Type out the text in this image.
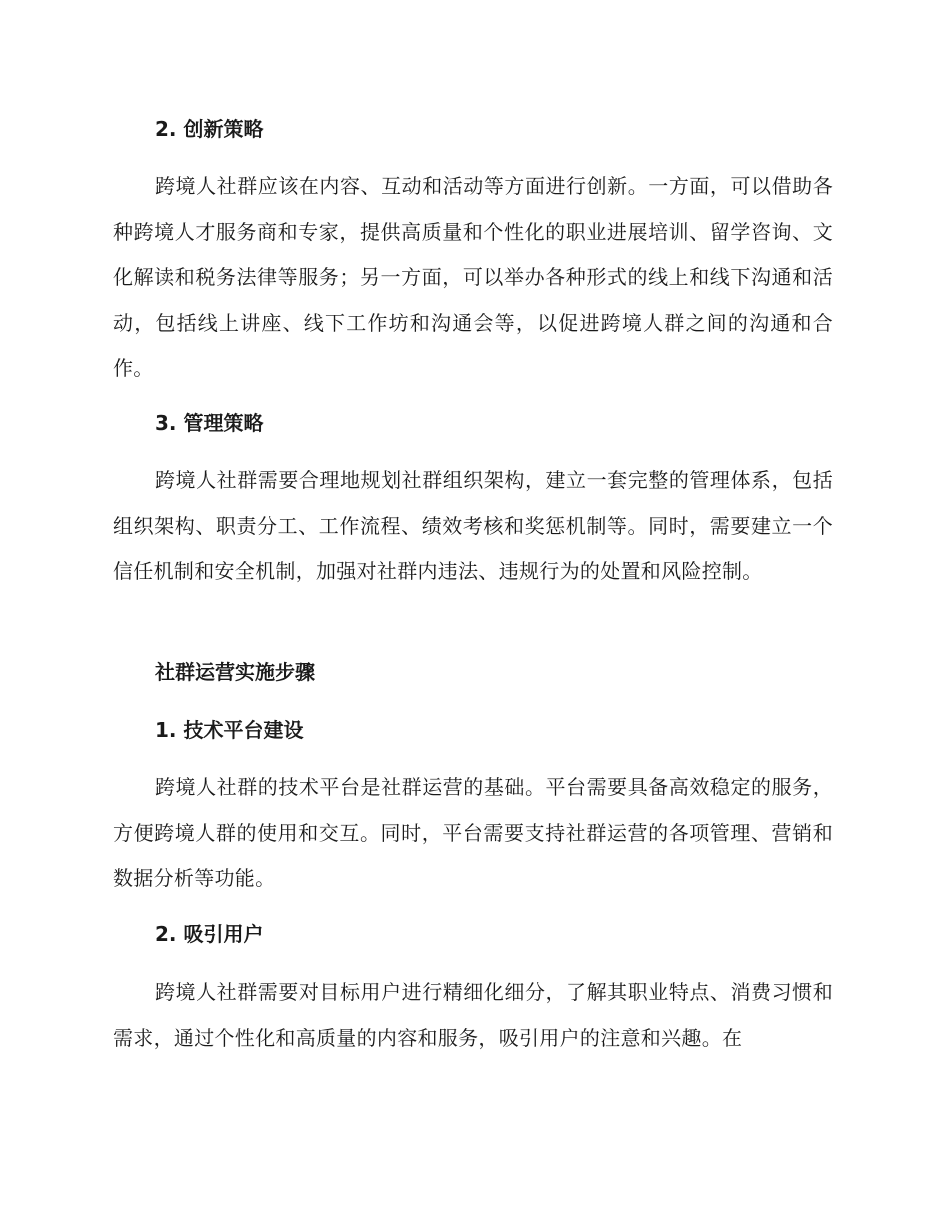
2. 创新策略

跨境人社群应该在内容、互动和活动等方面进行创新。一方面，可以借助各种跨境人才服务商和专家，提供高质量和个性化的职业进展培训、留学咨询、文化解读和税务法律等服务；另一方面，可以举办各种形式的线上和线下沟通和活动，包括线上讲座、线下工作坊和沟通会等，以促进跨境人群之间的沟通和合作。

3. 管理策略

跨境人社群需要合理地规划社群组织架构，建立一套完整的管理体系，包括组织架构、职责分工、工作流程、绩效考核和奖惩机制等。同时，需要建立一个信任机制和安全机制，加强对社群内违法、违规行为的处置和风险控制。

社群运营实施步骤
1. 技术平台建设

跨境人社群的技术平台是社群运营的基础。平台需要具备高效稳定的服务，方便跨境人群的使用和交互。同时，平台需要支持社群运营的各项管理、营销和数据分析等功能。

2. 吸引用户

跨境人社群需要对目标用户进行精细化细分，了解其职业特点、消费习惯和需求，通过个性化和高质量的内容和服务，吸引用户的注意和兴趣。在
